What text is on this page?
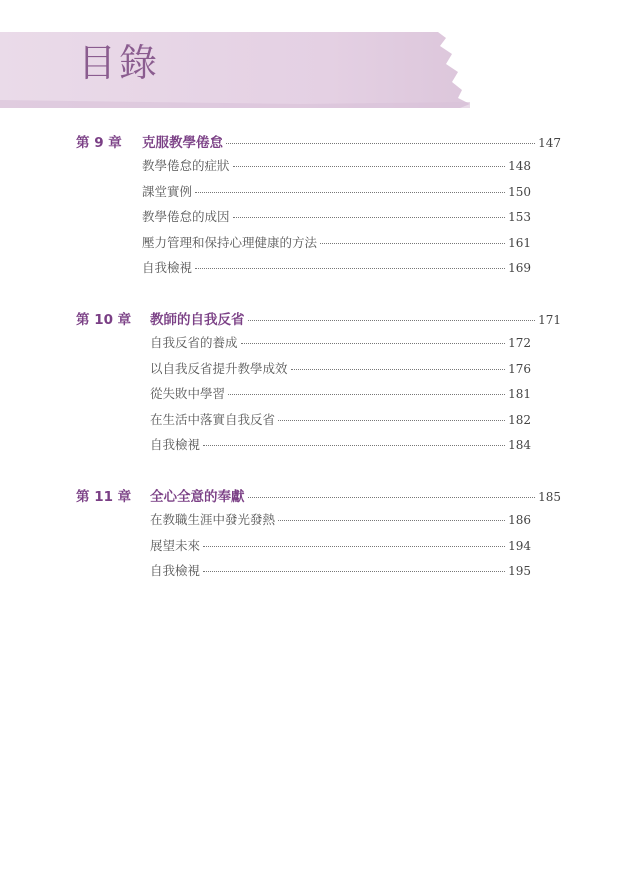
目錄
第 9 章	克服教學倦怠	147
教學倦怠的症狀	148
課堂實例	150
教學倦怠的成因	153
壓力管理和保持心理健康的方法	161
自我檢視	169
第 10 章	教師的自我反省	171
自我反省的養成	172
以自我反省提升教學成效	176
從失敗中學習	181
在生活中落實自我反省	182
自我檢視	184
第 11 章	全心全意的奉獻	185
在教職生涯中發光發熱	186
展望未來	194
自我檢視	195
